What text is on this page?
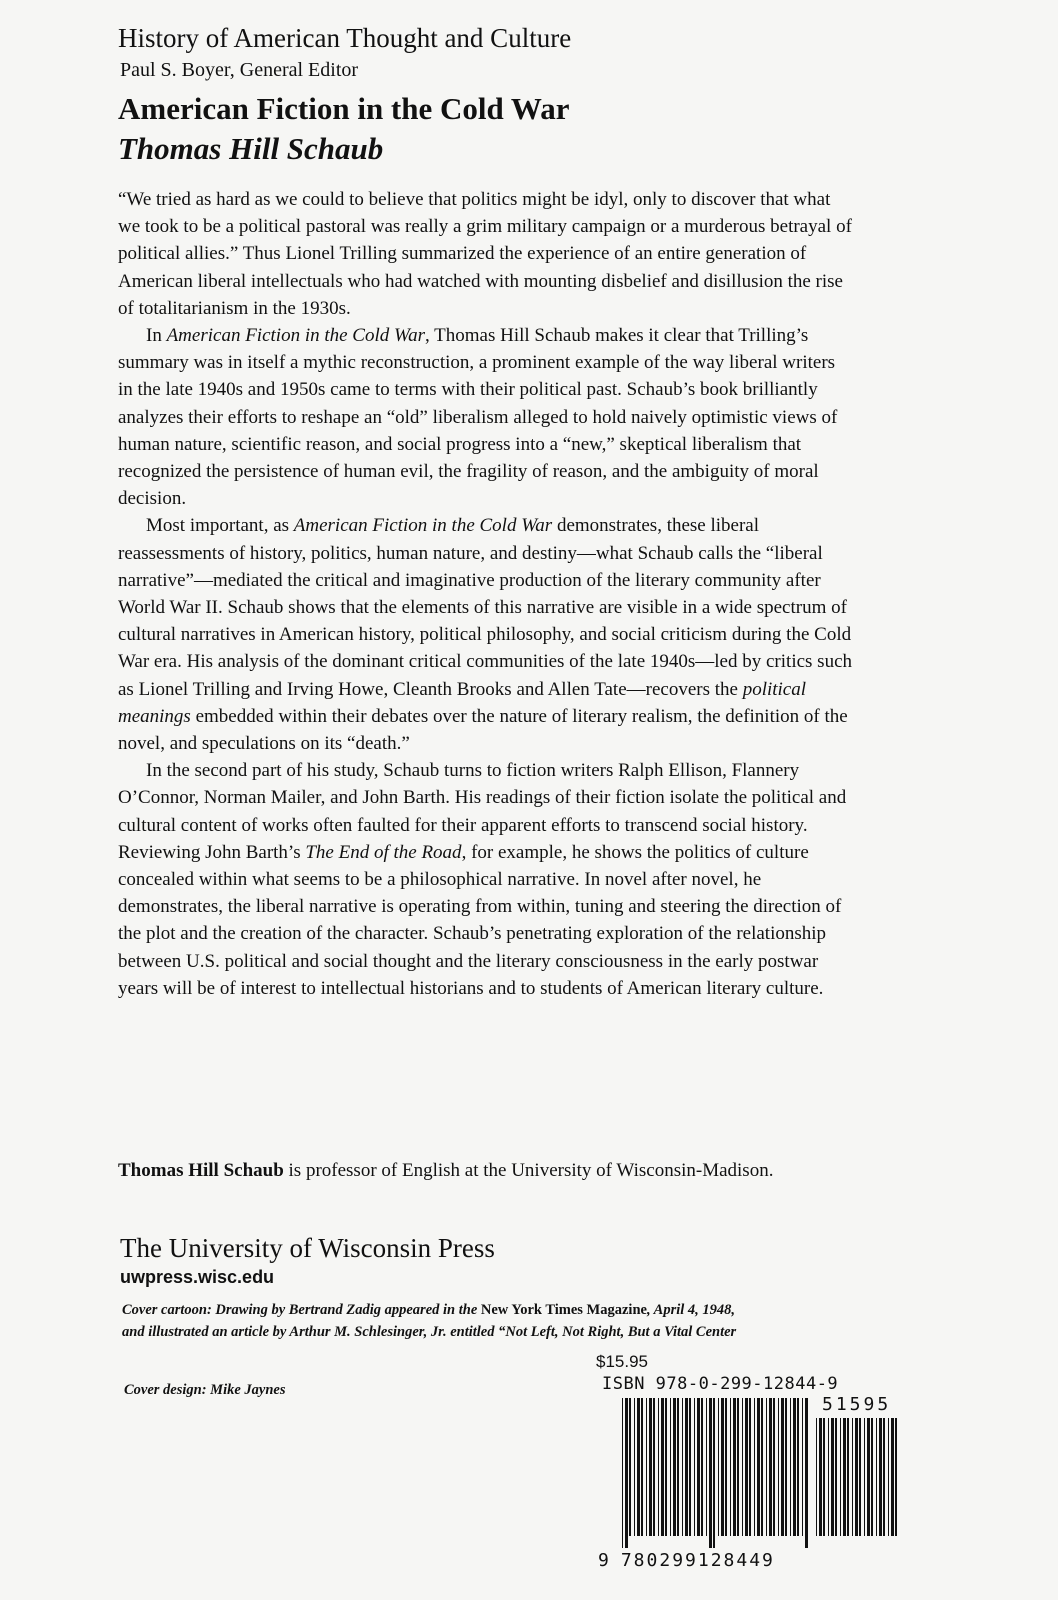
History of American Thought and Culture
Paul S. Boyer, General Editor
American Fiction in the Cold War
Thomas Hill Schaub

“We tried as hard as we could to believe that politics might be idyl, only to discover that what we took to be a political pastoral was really a grim military campaign or a murderous betrayal of political allies.” Thus Lionel Trilling summarized the experience of an entire generation of American liberal intellectuals who had watched with mounting disbelief and disillusion the rise of totalitarianism in the 1930s.

In American Fiction in the Cold War, Thomas Hill Schaub makes it clear that Trilling’s summary was in itself a mythic reconstruction, a prominent example of the way liberal writers in the late 1940s and 1950s came to terms with their political past. Schaub’s book brilliantly analyzes their efforts to reshape an “old” liberalism alleged to hold naively optimistic views of human nature, scientific reason, and social progress into a “new,” skeptical liberalism that recognized the persistence of human evil, the fragility of reason, and the ambiguity of moral decision.

Most important, as American Fiction in the Cold War demonstrates, these liberal reassessments of history, politics, human nature, and destiny—what Schaub calls the “liberal narrative”—mediated the critical and imaginative production of the literary community after World War II. Schaub shows that the elements of this narrative are visible in a wide spectrum of cultural narratives in American history, political philosophy, and social criticism during the Cold War era. His analysis of the dominant critical communities of the late 1940s—led by critics such as Lionel Trilling and Irving Howe, Cleanth Brooks and Allen Tate—recovers the political meanings embedded within their debates over the nature of literary realism, the definition of the novel, and speculations on its “death.”

In the second part of his study, Schaub turns to fiction writers Ralph Ellison, Flannery O’Connor, Norman Mailer, and John Barth. His readings of their fiction isolate the political and cultural content of works often faulted for their apparent efforts to transcend social history. Reviewing John Barth’s The End of the Road, for example, he shows the politics of culture concealed within what seems to be a philosophical narrative. In novel after novel, he demonstrates, the liberal narrative is operating from within, tuning and steering the direction of the plot and the creation of the character. Schaub’s penetrating exploration of the relationship between U.S. political and social thought and the literary consciousness in the early postwar years will be of interest to intellectual historians and to students of American literary culture.

Thomas Hill Schaub is professor of English at the University of Wisconsin-Madison.
The University of Wisconsin Press
uwpress.wisc.edu
Cover cartoon: Drawing by Bertrand Zadig appeared in the New York Times Magazine, April 4, 1948,
and illustrated an article by Arthur M. Schlesinger, Jr. entitled “Not Left, Not Right, But a Vital Center
Cover design: Mike Jaynes
$15.95
ISBN 978-0-299-12844-9
51595
9 780299128449
